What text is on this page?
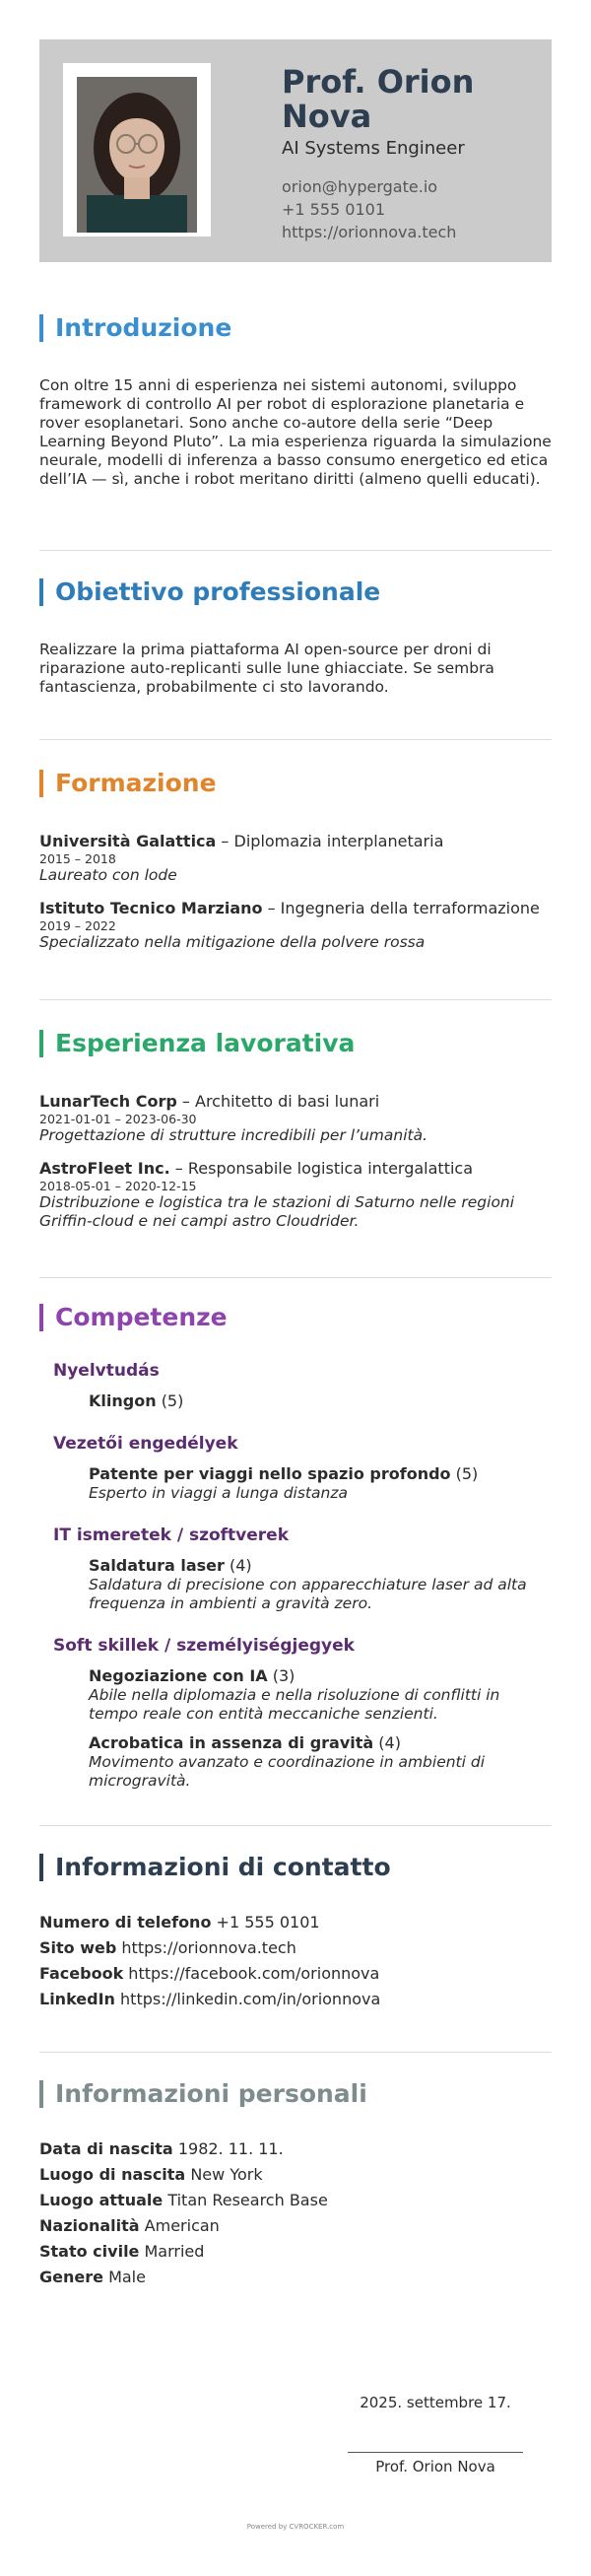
Prof. Orion Nova
AI Systems Engineer
orion@hypergate.io
+1 555 0101
https://orionnova.tech
Introduzione
Con oltre 15 anni di esperienza nei sistemi autonomi, sviluppo framework di controllo AI per robot di esplorazione planetaria e rover esoplanetari. Sono anche co-autore della serie “Deep Learning Beyond Pluto”. La mia esperienza riguarda la simulazione neurale, modelli di inferenza a basso consumo energetico ed etica dell’IA — sì, anche i robot meritano diritti (almeno quelli educati).
Obiettivo professionale
Realizzare la prima piattaforma AI open-source per droni di riparazione auto-replicanti sulle lune ghiacciate. Se sembra fantascienza, probabilmente ci sto lavorando.
Formazione
Università Galattica – Diplomazia interplanetaria
2015 – 2018
Laureato con lode
Istituto Tecnico Marziano – Ingegneria della terraformazione
2019 – 2022
Specializzato nella mitigazione della polvere rossa
Esperienza lavorativa
LunarTech Corp – Architetto di basi lunari
2021-01-01 – 2023-06-30
Progettazione di strutture incredibili per l’umanità.
AstroFleet Inc. – Responsabile logistica intergalattica
2018-05-01 – 2020-12-15
Distribuzione e logistica tra le stazioni di Saturno nelle regioni Griffin-cloud e nei campi astro Cloudrider.
Competenze
Nyelvtudás
Klingon (5)
Vezetői engedélyek
Patente per viaggi nello spazio profondo (5)
Esperto in viaggi a lunga distanza
IT ismeretek / szoftverek
Saldatura laser (4)
Saldatura di precisione con apparecchiature laser ad alta frequenza in ambienti a gravità zero.
Soft skillek / személyiségjegyek
Negoziazione con IA (3)
Abile nella diplomazia e nella risoluzione di conflitti in tempo reale con entità meccaniche senzienti.
Acrobatica in assenza di gravità (4)
Movimento avanzato e coordinazione in ambienti di microgravità.
Informazioni di contatto
Numero di telefono +1 555 0101
Sito web https://orionnova.tech
Facebook https://facebook.com/orionnova
LinkedIn https://linkedin.com/in/orionnova
Informazioni personali
Data di nascita 1982. 11. 11.
Luogo di nascita New York
Luogo attuale Titan Research Base
Nazionalità American
Stato civile Married
Genere Male
2025. settembre 17.
Prof. Orion Nova
Powered by CVROCKER.com
